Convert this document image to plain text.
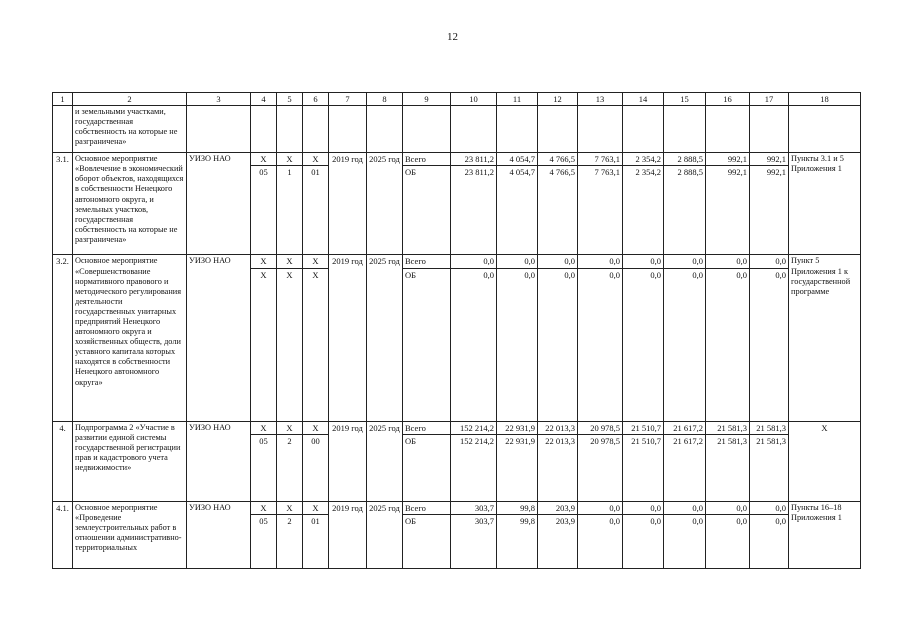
12
1	2	3	4	5	6	7	8	9	10	11	12	13	14	15	16	17	18
	и земельными участками, государственная собственность на которые не разграничена»																
3.1.	Основное мероприятие «Вовлечение в экономический оборот объектов, находящихся в собственности Ненецкого автономного округа, и земельных участков, государственная собственность на которые не разграничена»	УИЗО НАО	Х	Х	Х	2019 год	2025 год	Всего	23 811,2	4 054,7	4 766,5	7 763,1	2 354,2	2 888,5	992,1	992,1	Пункты 3.1 и 5 Приложения 1
			05	1	01			ОБ	23 811,2	4 054,7	4 766,5	7 763,1	2 354,2	2 888,5	992,1	992,1	
3.2.	Основное мероприятие «Совершенствование нормативного правового и методического регулирования деятельности государственных унитарных предприятий Ненецкого автономного округа и хозяйственных обществ, доли уставного капитала которых находятся в собственности Ненецкого автономного округа»	УИЗО НАО	Х	Х	Х	2019 год	2025 год	Всего	0,0	0,0	0,0	0,0	0,0	0,0	0,0	0,0	Пункт 5 Приложения 1 к государственной программе
			Х	Х	Х			ОБ	0,0	0,0	0,0	0,0	0,0	0,0	0,0	0,0	
4.	Подпрограмма 2 «Участие в развитии единой системы государственной регистрации прав и кадастрового учета недвижимости»	УИЗО НАО	Х	Х	Х	2019 год	2025 год	Всего	152 214,2	22 931,9	22 013,3	20 978,5	21 510,7	21 617,2	21 581,3	21 581,3	Х
			05	2	00			ОБ	152 214,2	22 931,9	22 013,3	20 978,5	21 510,7	21 617,2	21 581,3	21 581,3	
4.1.	Основное мероприятие «Проведение землеустроительных работ в отношении административно-территориальных	УИЗО НАО	Х	Х	Х	2019 год	2025 год	Всего	303,7	99,8	203,9	0,0	0,0	0,0	0,0	0,0	Пункты 16–18 Приложения 1
			05	2	01			ОБ	303,7	99,8	203,9	0,0	0,0	0,0	0,0	0,0	
